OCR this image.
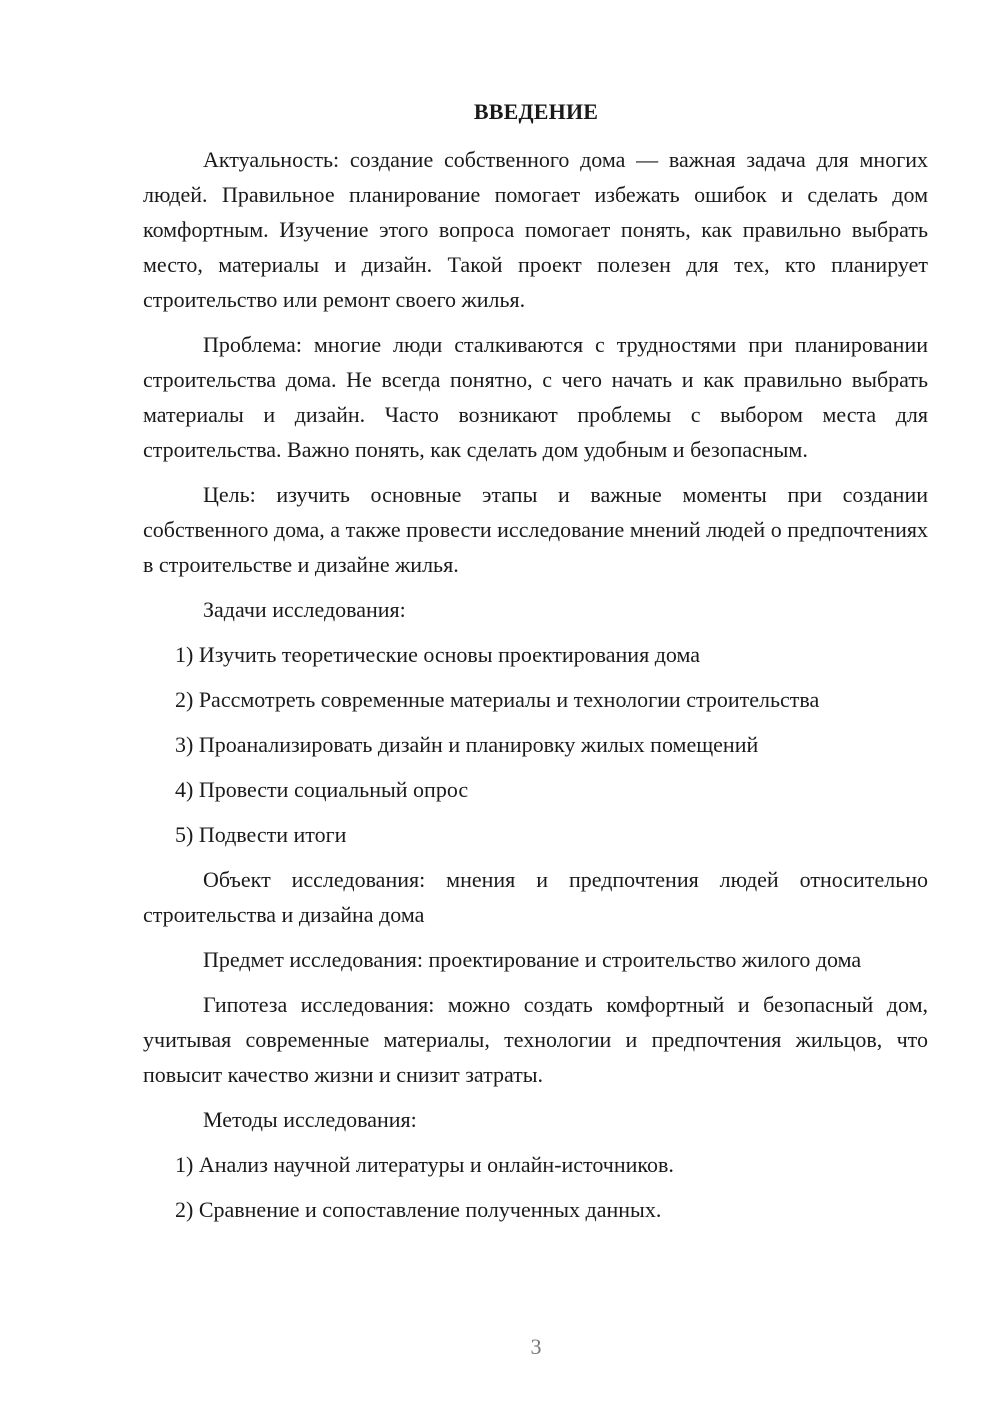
ВВЕДЕНИЕ

Актуальность: создание собственного дома — важная задача для многих людей. Правильное планирование помогает избежать ошибок и сделать дом комфортным. Изучение этого вопроса помогает понять, как правильно выбрать место, материалы и дизайн. Такой проект полезен для тех, кто планирует строительство или ремонт своего жилья.

Проблема: многие люди сталкиваются с трудностями при планировании строительства дома. Не всегда понятно, с чего начать и как правильно выбрать материалы и дизайн. Часто возникают проблемы с выбором места для строительства. Важно понять, как сделать дом удобным и безопасным.

Цель: изучить основные этапы и важные моменты при создании собственного дома, а также провести исследование мнений людей о предпочтениях в строительстве и дизайне жилья.

Задачи исследования:

1) Изучить теоретические основы проектирования дома
2) Рассмотреть современные материалы и технологии строительства
3) Проанализировать дизайн и планировку жилых помещений
4) Провести социальный опрос
5) Подвести итоги

Объект исследования: мнения и предпочтения людей относительно строительства и дизайна дома

Предмет исследования: проектирование и строительство жилого дома

Гипотеза исследования: можно создать комфортный и безопасный дом, учитывая современные материалы, технологии и предпочтения жильцов, что повысит качество жизни и снизит затраты.

Методы исследования:

1) Анализ научной литературы и онлайн-источников.
2) Сравнение и сопоставление полученных данных.
3
